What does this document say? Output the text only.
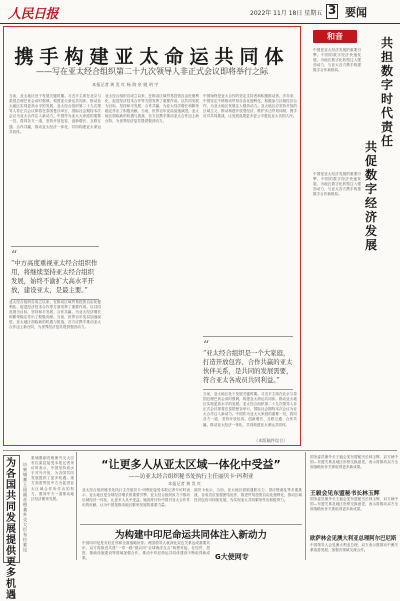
人民日报	2022年 11月 18日 星期五 3 要闻
携手构建亚太命运共同体
——写在亚太经合组织第二十九次领导人非正式会议即将举行之际
本报记者 黄 发 红 杨 海 泉 姚 明 宇
当前，亚太地区处于发展关键时期。习近平主席在北京与泰国总理巴育会谈时强调，构建亚太命运共同体，推动亚太地区实现更高水平的发展。亚太经合组织第二十九次领导人非正式会议即将在泰国曼谷举行，国际社会期待本次会议为亚太合作注入新动力。中国作为亚太大家庭的重要一员，将同各方一道，坚持开放包容、创新增长、互联互通、合作共赢，推动亚太经济一体化，共同构建亚太命运共同体。
“
“中方高度重视亚太经合组织作用，将继续坚持亚太经合组织发展，始终不渝扩大高水平开放，建设亚太，是最主要。”
亚太经合组织自成立以来，在推动区域贸易投资自由化便利化、促进经济技术合作等方面发挥了重要作用。以共同发展为目标，坚持和平发展、合作共赢，为亚太经济增长和繁荣稳定作出了积极贡献。当前，世界百年变局加速演进，亚太地区面临新的机遇与挑战，各方应携手推动亚太合作迈上新台阶，为世界经济复苏提供强劲动力。
亚太经合组织自成立以来，在推动区域贸易投资自由化便利化、促进经济技术合作等方面发挥了重要作用。以共同发展为目标，坚持和平发展、合作共赢，为亚太经济增长和繁荣稳定作出了积极贡献。当前，世界百年变局加速演进，亚太地区面临新的机遇与挑战，各方应携手推动亚太合作迈上新台阶，为世界经济复苏提供强劲动力。
中国始终是亚太合作的坚定支持者和积极推动者。多年来，中国坚定不移推动贸易自由化便利化，积极参与区域经济合作，为亚太地区发展注入强劲动力。亚太地区应坚持开放的区域主义，推动构建开放型经济，维护多边贸易体制，携手应对共同挑战，让发展成果更多更公平惠及亚太各国人民。
“
“亚太经合组织是一个大家庭，打造开放包容、合作共赢的亚太伙伴关系，是共同的发展需要，符合亚太各成员共同利益。”
当前，亚太地区处于发展关键时期。习近平主席在北京与泰国总理巴育会谈时强调，构建亚太命运共同体，推动亚太地区实现更高水平的发展。亚太经合组织第二十九次领导人非正式会议即将在泰国曼谷举行，国际社会期待本次会议为亚太合作注入新动力。中国作为亚太大家庭的重要一员，将同各方一道，坚持开放包容、创新增长、互联互通、合作共赢，推动亚太经济一体化，共同构建亚太命运共同体。
（本版稿件综合）
和音
中国是亚太经济发展的重要引擎。中国的数字经济快速发展，为地区数字化转型注入强劲动力，与亚太各方携手构建数字合作新格局。
共担数字时代责任
共促数字经济发展
中国是亚太经济发展的重要引擎。中国的数字经济快速发展，为地区数字化转型注入强劲动力，与亚太各方携手构建数字合作新格局。
为各国共同发展提供更多机遇
访柬埔寨王国副首相兼外交大臣布拉索昆
柬埔寨副首相兼外交大臣布拉索昆接受本报记者采访时表示，中国坚持高水平对外开放，为各国共同发展提供了更多机遇。柬方高度赞赏中方为促进亚太区域合作所作出的努力，愿同中方一道推动地区经济繁荣发展。
“让更多人从亚太区域一体化中受益”
——访亚太经合组织秘书处执行主任丽贝卡·玛利亚
本报记者 黄 发 红
亚太经合组织秘书处执行主任丽贝卡·玛利亚接受本报记者专访时表示，亚太地区是全球经济增长的重要引擎，亚太经合组织致力于推动区域经济一体化，让更多人从中受益。她高度评价中国对亚太合作作出的贡献，认为中国是推动地区繁荣发展的重要力量。
丽贝卡表示，当前，亚太地区面临通胀压力、供应链紊乱等多重挑战，各成员应加强团结协作，推进贸易投资自由化便利化，推动区域经济包容可持续发展，为实现亚太共同繁荣作出积极努力。
为构建中印尼命运共同体注入新动力
中国同印尼是友好近邻和全面战略伙伴。两国领导人就深化双边关系达成重要共识，双方将推进共建“一带一路”倡议同“全球海洋支点”构想对接，在经贸、投资、基础设施建设等领域加强合作，推动中印尼命运共同体建设不断取得新成果。	G大使网专
国务委员兼外长王毅会见东盟秘书长林玉辉，双方就中国—东盟关系及地区形势交换意见，表示将推动双方全面战略伙伴关系取得更多新成果。
王毅会见东盟秘书长林玉辉
国务委员兼外长王毅会见东盟秘书长林玉辉，双方就中国—东盟关系及地区形势交换意见，表示将推动双方全面战略伙伴关系取得更多新成果。
欧萨林会见澳大利亚总理阿尔巴尼斯
中国领导人会见澳大利亚总理，双方表示愿推动中澳关系改善发展，加强各领域交流合作。
